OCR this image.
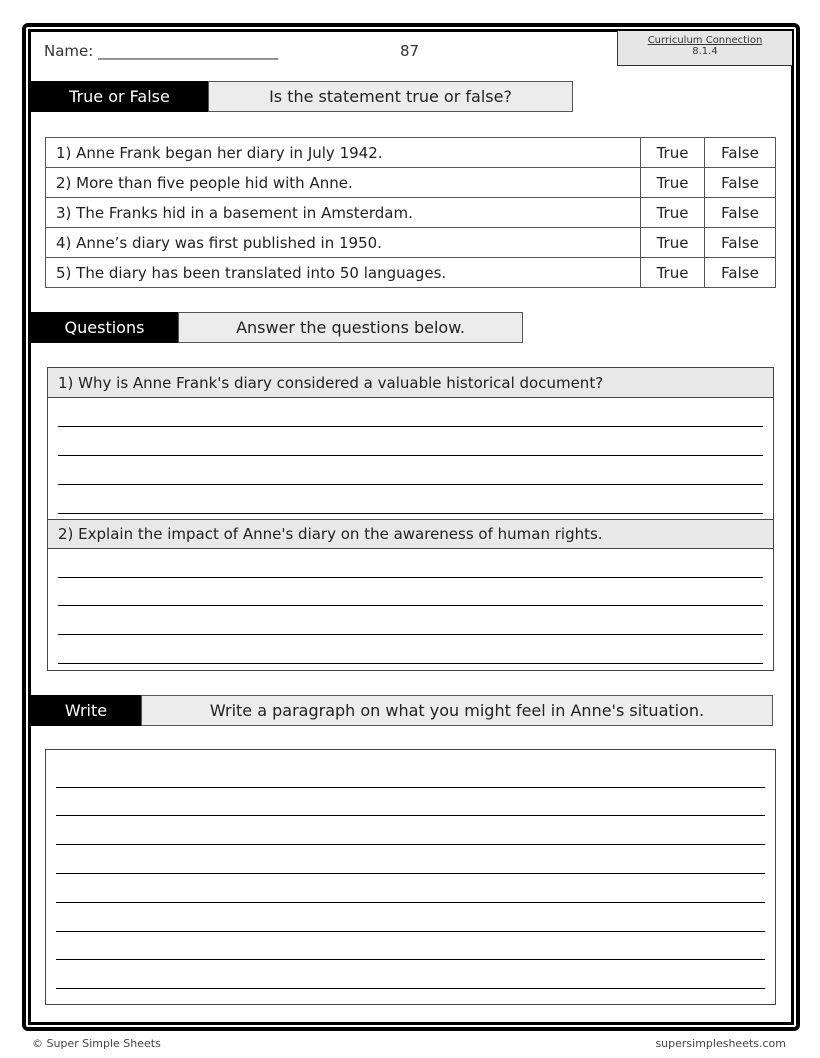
Name: ________________________	87
Curriculum Connection
8.1.4
True or False	Is the statement true or false?
1) Anne Frank began her diary in July 1942.	True	False
2) More than five people hid with Anne.	True	False
3) The Franks hid in a basement in Amsterdam.	True	False
4) Anne’s diary was first published in 1950.	True	False
5) The diary has been translated into 50 languages.	True	False
Questions	Answer the questions below.
1) Why is Anne Frank's diary considered a valuable historical document?
2) Explain the impact of Anne's diary on the awareness of human rights.
Write	Write a paragraph on what you might feel in Anne's situation.
© Super Simple Sheets	supersimplesheets.com
